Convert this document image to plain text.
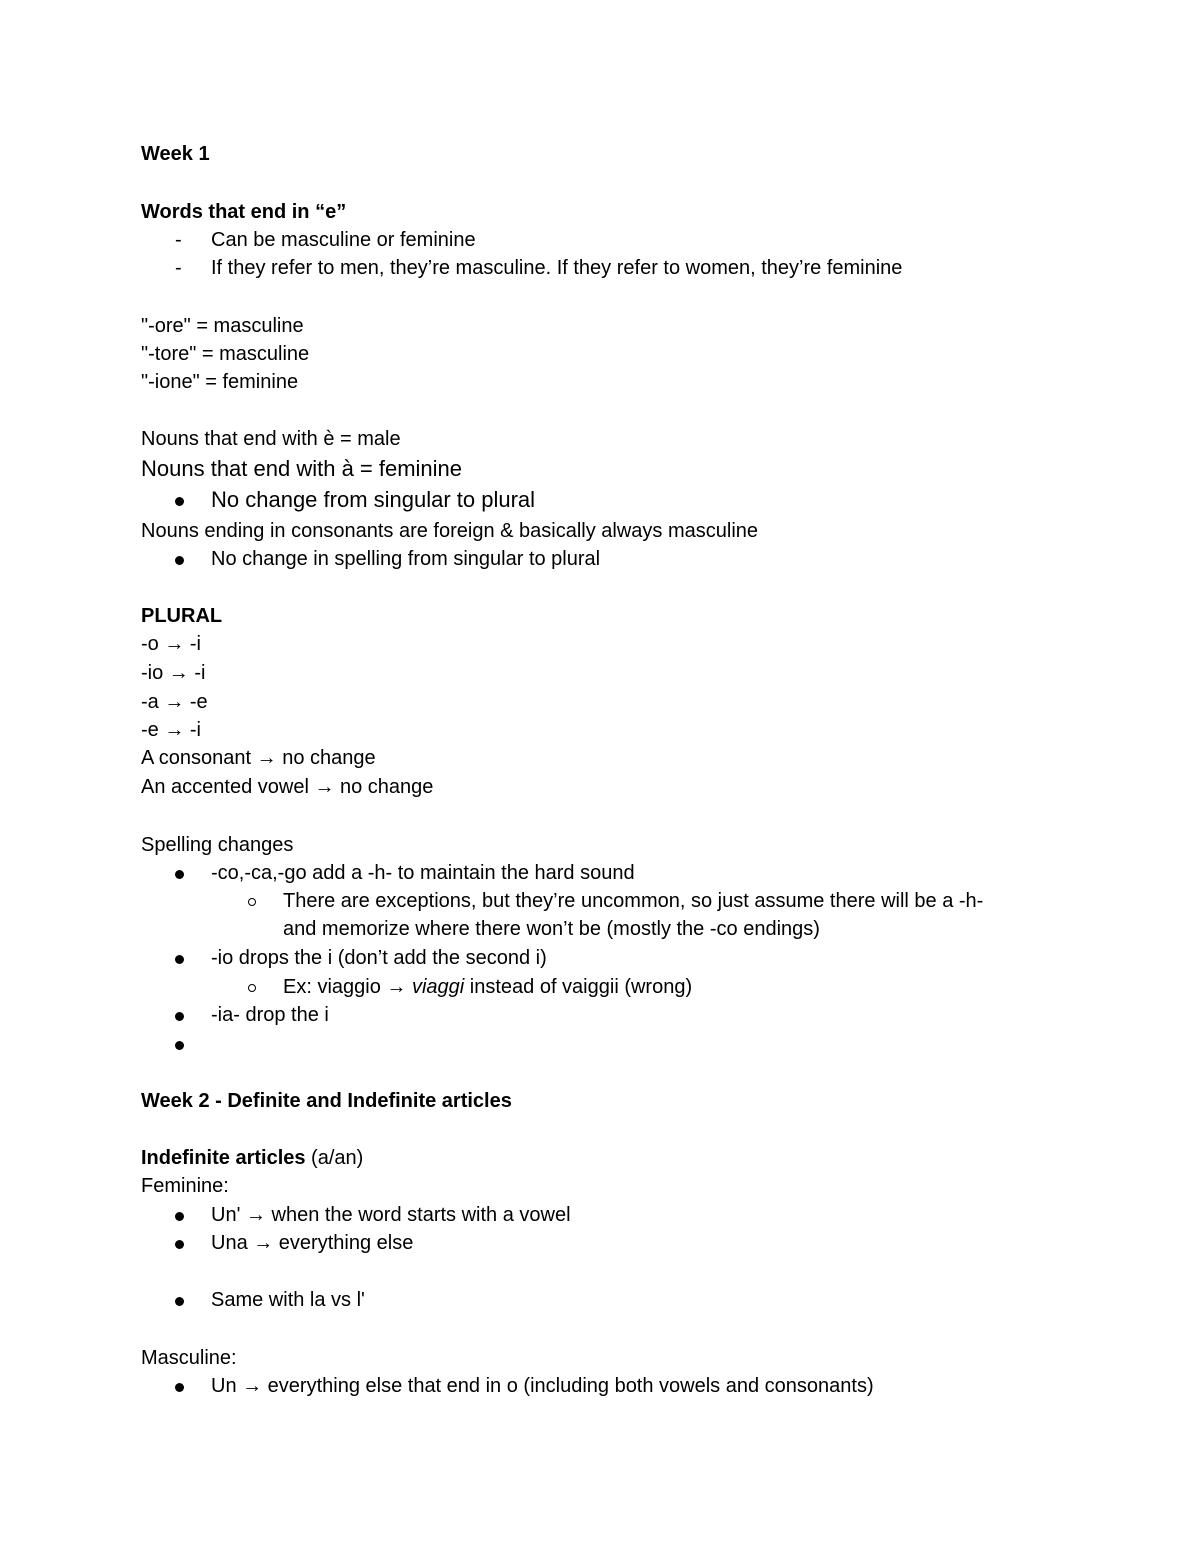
Week 1
Words that end in “e”
- Can be masculine or feminine
- If they refer to men, they’re masculine. If they refer to women, they’re feminine
"-ore" = masculine
"-tore" = masculine
"-ione" = feminine
Nouns that end with è = male
Nouns that end with à = feminine
No change from singular to plural
Nouns ending in consonants are foreign & basically always masculine
No change in spelling from singular to plural
PLURAL
-o → -i
-io → -i
-a → -e
-e → -i
A consonant → no change
An accented vowel → no change
Spelling changes
-co,-ca,-go add a -h- to maintain the hard sound
There are exceptions, but they’re uncommon, so just assume there will be a -h-
and memorize where there won’t be (mostly the -co endings)
-io drops the i (don’t add the second i)
Ex: viaggio → viaggi instead of vaiggii (wrong)
-ia- drop the i
Week 2 - Definite and Indefinite articles
Indefinite articles (a/an)
Feminine:
Un' → when the word starts with a vowel
Una → everything else
Same with la vs l'
Masculine:
Un → everything else that end in o (including both vowels and consonants)
